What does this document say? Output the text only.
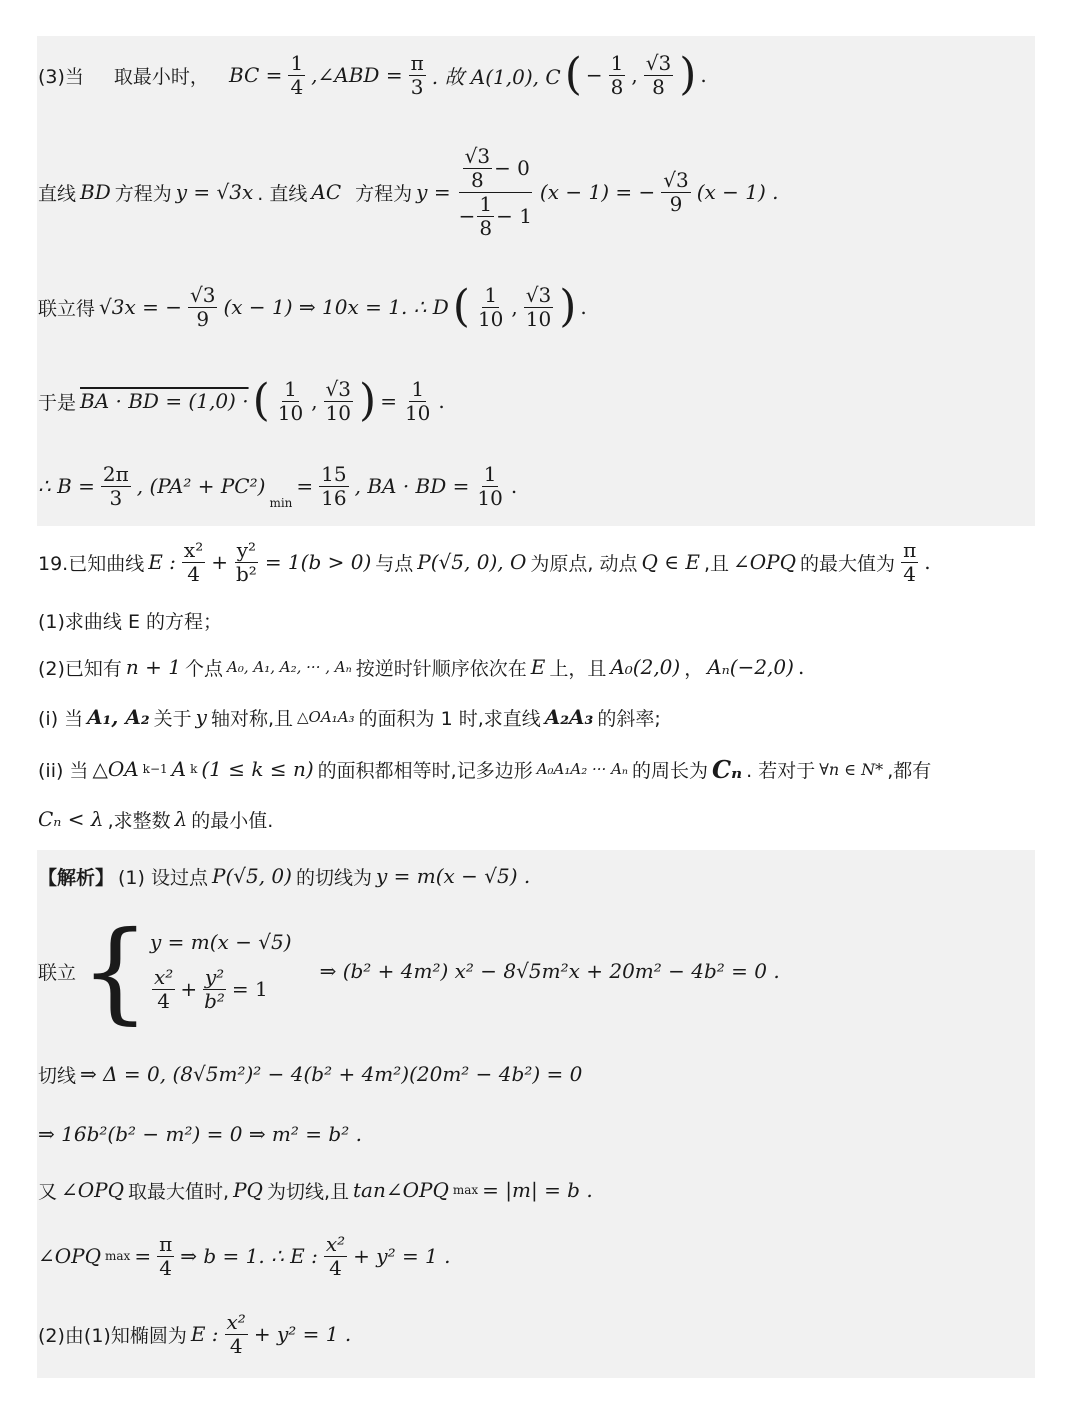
(3)当 取最小时， BC = $\frac{1}{4}$ ,∠ABD = $\frac{\pi}{3}$ . 故 A(1,0), C ( − $\frac{1}{8}$ , $\frac{√3}{8}$ ) .
直线 BD 方程为 y = √3x . 直线 AC 方程为 $y = \frac{\frac{√3}{8} - 0}{- \frac{1}{8} - 1} (x - 1)$ = − $\frac{√3}{9} (x - 1)$ .
联立得 √3x = − $\frac{√3}{9} (x - 1)$ ⇒ 10x = 1. ∴ D ( $\frac{1}{10}$ , $\frac{√3}{10}$ ) .
于是 BA · BD = (1,0) · ( $\frac{1}{10}$ , $\frac{√3}{10}$ ) = $\frac{1}{10}$ .
∴ $B = \frac{2\pi}{3}$ , (PA² + PC²)
$_{min}$
= $\frac{15}{16}$ , BA · BD = $\frac{1}{10}$ .
19.已知曲线 E : $\frac{\text{x²}}{4} + \frac{\text{y²}}{\text{b²}} = 1(b > 0)$ 与点 P(√5, 0), O 为原点, 动点 Q ∈ E ,且 ∠OPQ 的最大值为 $\frac{\pi}{4}$ .
(1)求曲线 E 的方程；
(2)已知有 n + 1 个点 A₀, A₁, A₂, ··· , Aₙ 按逆时针顺序依次在 E 上，且 A₀(2,0) ， Aₙ(−2,0) .
(i) 当 A₁, A₂ 关于 y 轴对称,且 △OA₁A₃ 的面积为 1 时,求直线 A₂A₃ 的斜率;
(ii) 当 △OA k−1 A k (1 ≤ k ≤ n) 的面积都相等时,记多边形 A₀A₁A₂ ··· Aₙ 的周长为 Cₙ . 若对于 ∀n ∈ N* ,都有
Cₙ < λ ,求整数 λ 的最小值.
【解析】 (1) 设过点 P(√5, 0) 的切线为 y = m(x − √5) .
联立 { y = m(x − √5)
$\frac{\text{x²}}{4} + \frac{\text{y²}}{\text{b²}} = 1$
⇒ (b² + 4m²) x² − 8√5m²x + 20m² − 4b² = 0 .
切线 ⇒ Δ = 0, (8√5m²)² − 4(b² + 4m²)(20m² − 4b²) = 0
⇒ 16b²(b² − m²) = 0 ⇒ m² = b² .
又 ∠OPQ 取最大值时, PQ 为切线,且 tan∠OPQ max = |m| = b .
∠OPQ $\max = \frac{\pi}{4}$ ⇒ b = 1. ∴ E : $\frac{\text{x²}}{4} + y^2 = 1$ .
(2)由(1)知椭圆为 E : $\frac{\text{x²}}{4} + y^2 = 1$ .
